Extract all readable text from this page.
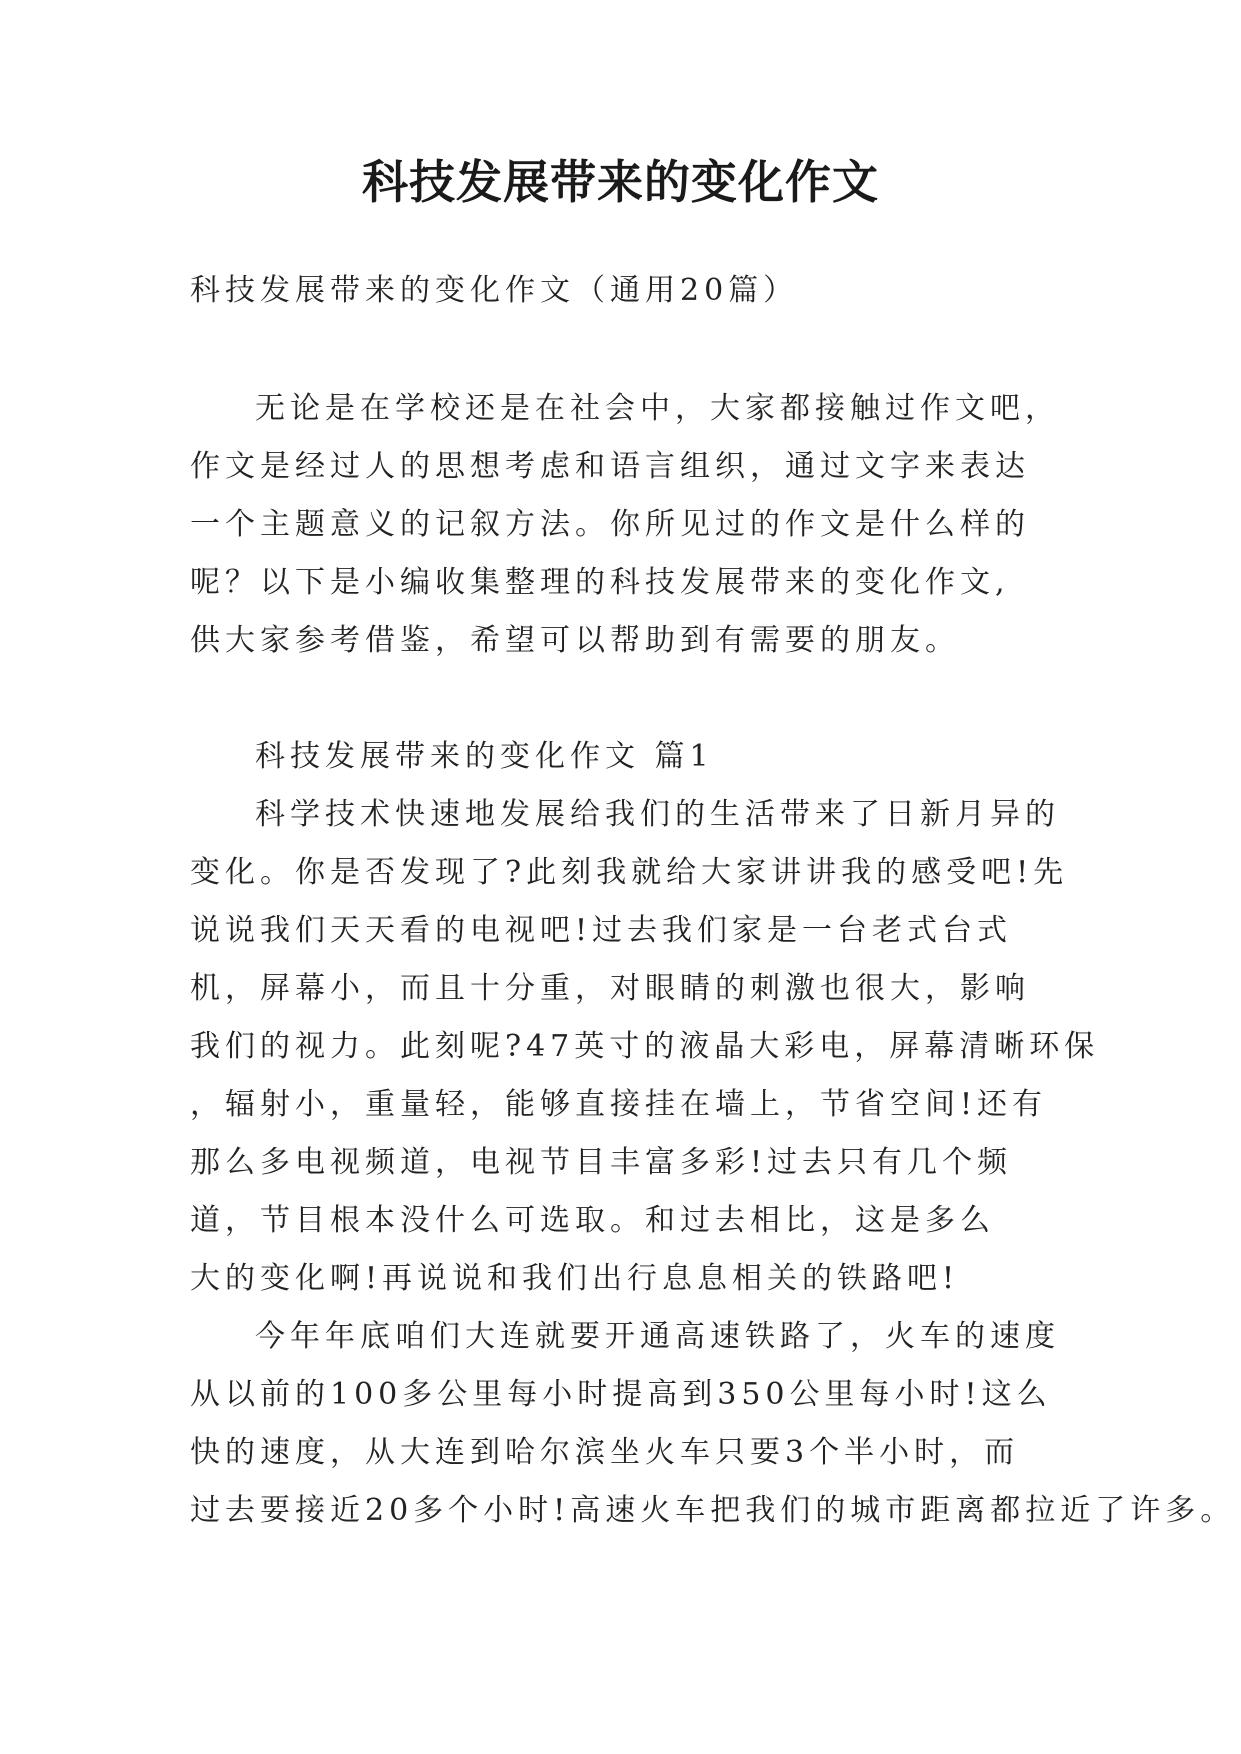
科技发展带来的变化作文

科技发展带来的变化作文（通用20篇）

无论是在学校还是在社会中，大家都接触过作文吧，
作文是经过人的思想考虑和语言组织，通过文字来表达
一个主题意义的记叙方法。你所见过的作文是什么样的
呢？以下是小编收集整理的科技发展带来的变化作文,
供大家参考借鉴，希望可以帮助到有需要的朋友。
科技发展带来的变化作文 篇1
科学技术快速地发展给我们的生活带来了日新月异的
变化。你是否发现了?此刻我就给大家讲讲我的感受吧!先
说说我们天天看的电视吧!过去我们家是一台老式台式
机，屏幕小，而且十分重，对眼睛的刺激也很大，影响
我们的视力。此刻呢?47英寸的液晶大彩电，屏幕清晰环保
，辐射小，重量轻，能够直接挂在墙上，节省空间!还有
那么多电视频道，电视节目丰富多彩!过去只有几个频
道，节目根本没什么可选取。和过去相比，这是多么
大的变化啊!再说说和我们出行息息相关的铁路吧!
今年年底咱们大连就要开通高速铁路了，火车的速度
从以前的100多公里每小时提高到350公里每小时!这么
快的速度，从大连到哈尔滨坐火车只要3个半小时，而
过去要接近20多个小时!高速火车把我们的城市距离都拉近了许多。
